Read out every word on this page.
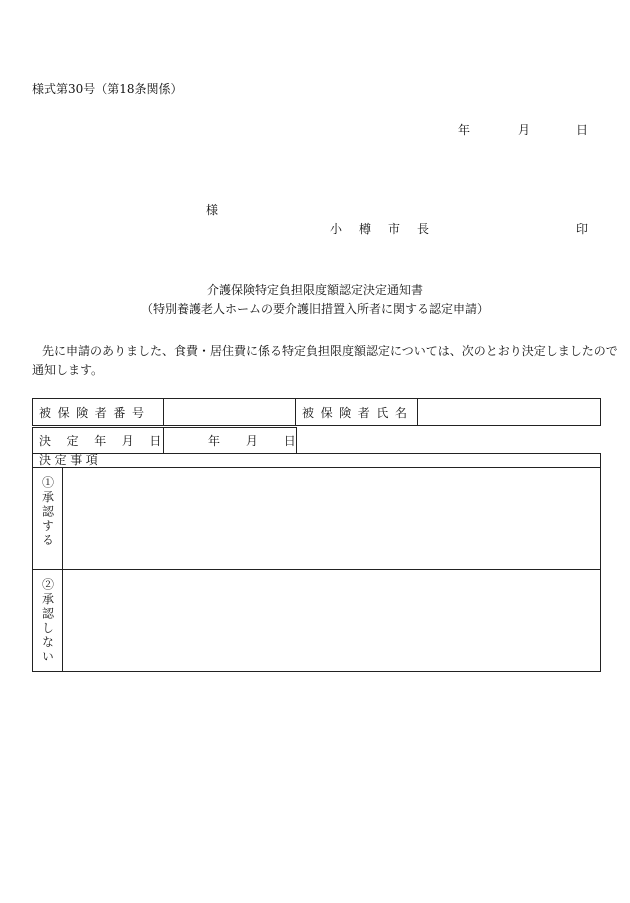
様式第30号（第18条関係）
年	月	日
様
小 樽 市 長	印
介護保険特定負担限度額認定決定通知書
（特別養護老人ホームの要介護旧措置入所者に関する認定申請）
先に申請のありました、食費・居住費に係る特定負担限度額認定については、次のとおり決定しましたので
通知します。
被保険者番号		被保険者氏名	
決定年月日	年 月 日
決定事項	
①承認する	
②承認しない	
